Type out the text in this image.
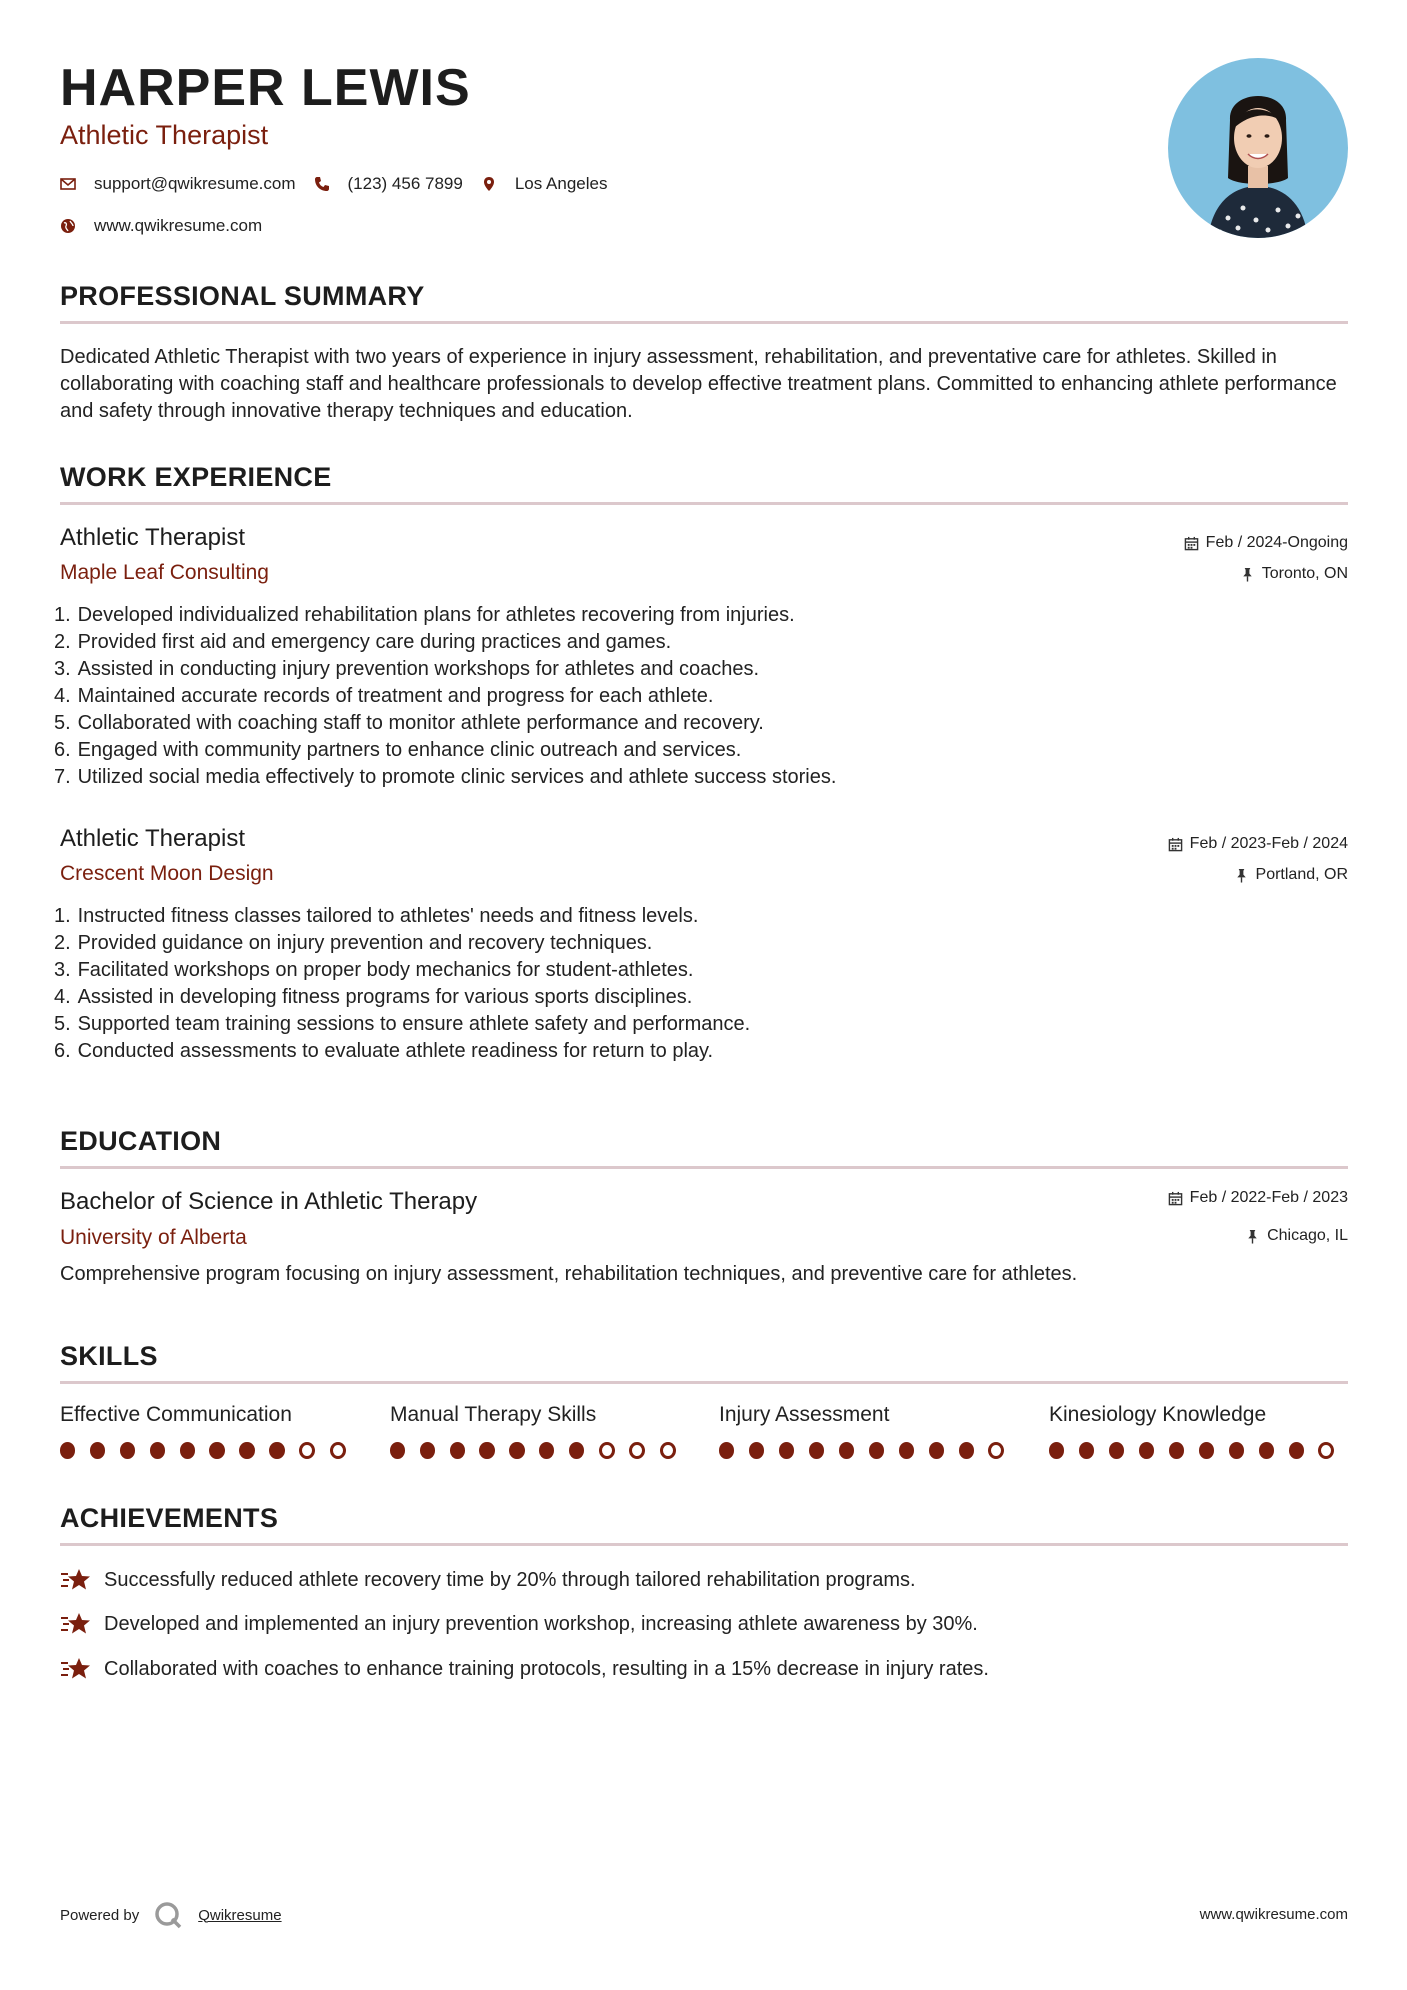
HARPER LEWIS
Athletic Therapist
support@qwikresume.com	(123) 456 7899	Los Angeles
www.qwikresume.com
PROFESSIONAL SUMMARY
Dedicated Athletic Therapist with two years of experience in injury assessment, rehabilitation, and preventative care for athletes. Skilled in collaborating with coaching staff and healthcare professionals to develop effective treatment plans. Committed to enhancing athlete performance and safety through innovative therapy techniques and education.
WORK EXPERIENCE
Athletic Therapist
Maple Leaf Consulting
Feb / 2024-Ongoing
Toronto, ON
1.
Developed individualized rehabilitation plans for athletes recovering from injuries.
2.
Provided first aid and emergency care during practices and games.
3.
Assisted in conducting injury prevention workshops for athletes and coaches.
4.
Maintained accurate records of treatment and progress for each athlete.
5.
Collaborated with coaching staff to monitor athlete performance and recovery.
6.
Engaged with community partners to enhance clinic outreach and services.
7.
Utilized social media effectively to promote clinic services and athlete success stories.
Athletic Therapist
Crescent Moon Design
Feb / 2023-Feb / 2024
Portland, OR
1.
Instructed fitness classes tailored to athletes' needs and fitness levels.
2.
Provided guidance on injury prevention and recovery techniques.
3.
Facilitated workshops on proper body mechanics for student-athletes.
4.
Assisted in developing fitness programs for various sports disciplines.
5.
Supported team training sessions to ensure athlete safety and performance.
6.
Conducted assessments to evaluate athlete readiness for return to play.
EDUCATION
Bachelor of Science in Athletic Therapy
University of Alberta
Feb / 2022-Feb / 2023
Chicago, IL
Comprehensive program focusing on injury assessment, rehabilitation techniques, and preventive care for athletes.
SKILLS
Effective Communication	Manual Therapy Skills	Injury Assessment	Kinesiology Knowledge
ACHIEVEMENTS
Successfully reduced athlete recovery time by 20% through tailored rehabilitation programs.
Developed and implemented an injury prevention workshop, increasing athlete awareness by 30%.
Collaborated with coaches to enhance training protocols, resulting in a 15% decrease in injury rates.
Powered by	Qwikresume	www.qwikresume.com
